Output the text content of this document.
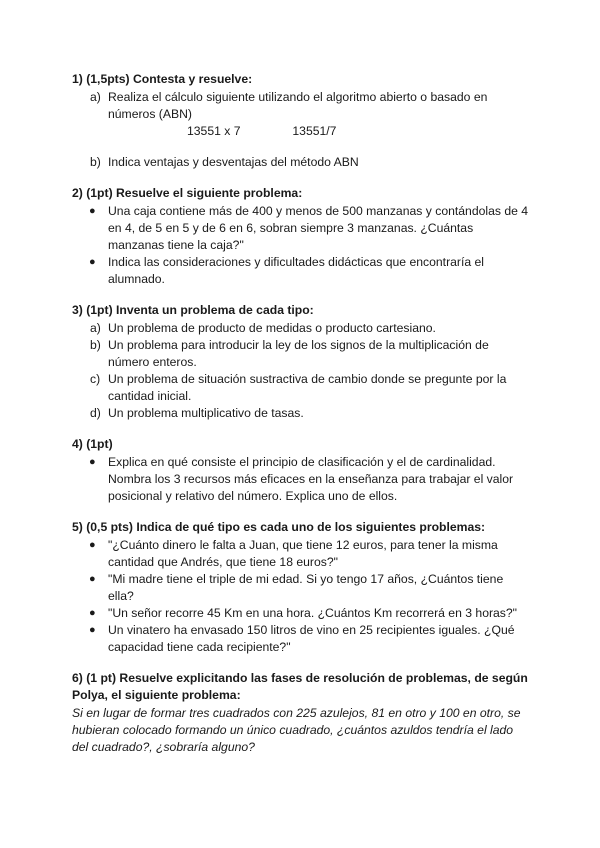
1) (1,5pts) Contesta y resuelve:
a) Realiza el cálculo siguiente utilizando el algoritmo abierto o basado en números (ABN)
13551 x 7	13551/7
b) Indica ventajas y desventajas del método ABN
2) (1pt) Resuelve el siguiente problema:
● Una caja contiene más de 400 y menos de 500 manzanas y contándolas de 4 en 4, de 5 en 5 y de 6 en 6, sobran siempre 3 manzanas. ¿Cuántas manzanas tiene la caja?"
● Indica las consideraciones y dificultades didácticas que encontraría el alumnado.
3) (1pt) Inventa un problema de cada tipo:
a) Un problema de producto de medidas o producto cartesiano.
b) Un problema para introducir la ley de los signos de la multiplicación de número enteros.
c) Un problema de situación sustractiva de cambio donde se pregunte por la cantidad inicial.
d) Un problema multiplicativo de tasas.
4) (1pt)
● Explica en qué consiste el principio de clasificación y el de cardinalidad. Nombra los 3 recursos más eficaces en la enseñanza para trabajar el valor posicional y relativo del número. Explica uno de ellos.
5) (0,5 pts) Indica de qué tipo es cada uno de los siguientes problemas:
● "¿Cuánto dinero le falta a Juan, que tiene 12 euros, para tener la misma cantidad que Andrés, que tiene 18 euros?"
● "Mi madre tiene el triple de mi edad. Si yo tengo 17 años, ¿Cuántos tiene ella?
● "Un señor recorre 45 Km en una hora. ¿Cuántos Km recorrerá en 3 horas?"
● Un vinatero ha envasado 150 litros de vino en 25 recipientes iguales. ¿Qué capacidad tiene cada recipiente?"
6) (1 pt) Resuelve explicitando las fases de resolución de problemas, de según Polya, el siguiente problema:
Si en lugar de formar tres cuadrados con 225 azulejos, 81 en otro y 100 en otro, se hubieran colocado formando un único cuadrado, ¿cuántos azuldos tendría el lado del cuadrado?, ¿sobraría alguno?
